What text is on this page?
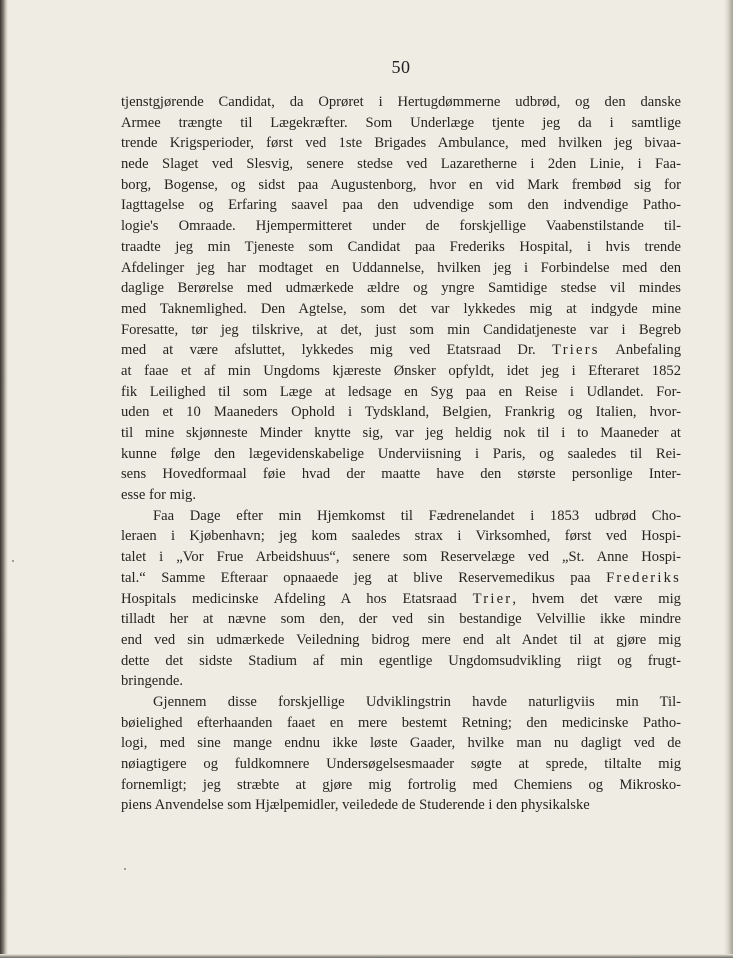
50
tjenstgjørende Candidat, da Oprøret i Hertugdømmerne udbrød, og den danske
Armee trængte til Lægekræfter. Som Underlæge tjente jeg da i samtlige
trende Krigsperioder, først ved 1ste Brigades Ambulance, med hvilken jeg bivaa-
nede Slaget ved Slesvig, senere stedse ved Lazaretherne i 2den Linie, i Faa-
borg, Bogense, og sidst paa Augustenborg, hvor en vid Mark frembød sig for
Iagttagelse og Erfaring saavel paa den udvendige som den indvendige Patho-
logie's Omraade. Hjempermitteret under de forskjellige Vaabenstilstande til-
traadte jeg min Tjeneste som Candidat paa Frederiks Hospital, i hvis trende
Afdelinger jeg har modtaget en Uddannelse, hvilken jeg i Forbindelse med den
daglige Berørelse med udmærkede ældre og yngre Samtidige stedse vil mindes
med Taknemlighed. Den Agtelse, som det var lykkedes mig at indgyde mine
Foresatte, tør jeg tilskrive, at det, just som min Candidatjeneste var i Begreb
med at være afsluttet, lykkedes mig ved Etatsraad Dr. Triers Anbefaling
at faae et af min Ungdoms kjæreste Ønsker opfyldt, idet jeg i Efteraret 1852
fik Leilighed til som Læge at ledsage en Syg paa en Reise i Udlandet. For-
uden et 10 Maaneders Ophold i Tydskland, Belgien, Frankrig og Italien, hvor-
til mine skjønneste Minder knytte sig, var jeg heldig nok til i to Maaneder at
kunne følge den lægevidenskabelige Underviisning i Paris, og saaledes til Rei-
sens Hovedformaal føie hvad der maatte have den største personlige Inter-
esse for mig.
Faa Dage efter min Hjemkomst til Fædrenelandet i 1853 udbrød Cho-
leraen i Kjøbenhavn; jeg kom saaledes strax i Virksomhed, først ved Hospi-
talet i „Vor Frue Arbeidshuus“, senere som Reservelæge ved „St. Anne Hospi-
tal.“ Samme Efteraar opnaaede jeg at blive Reservemedikus paa Frederiks
Hospitals medicinske Afdeling A hos Etatsraad Trier, hvem det være mig
tilladt her at nævne som den, der ved sin bestandige Velvillie ikke mindre
end ved sin udmærkede Veiledning bidrog mere end alt Andet til at gjøre mig
dette det sidste Stadium af min egentlige Ungdomsudvikling riigt og frugt-
bringende.
Gjennem disse forskjellige Udviklingstrin havde naturligviis min Til-
bøielighed efterhaanden faaet en mere bestemt Retning; den medicinske Patho-
logi, med sine mange endnu ikke løste Gaader, hvilke man nu dagligt ved de
nøiagtigere og fuldkomnere Undersøgelsesmaader søgte at sprede, tiltalte mig
fornemligt; jeg stræbte at gjøre mig fortrolig med Chemiens og Mikrosko-
piens Anvendelse som Hjælpemidler, veiledede de Studerende i den physikalske
